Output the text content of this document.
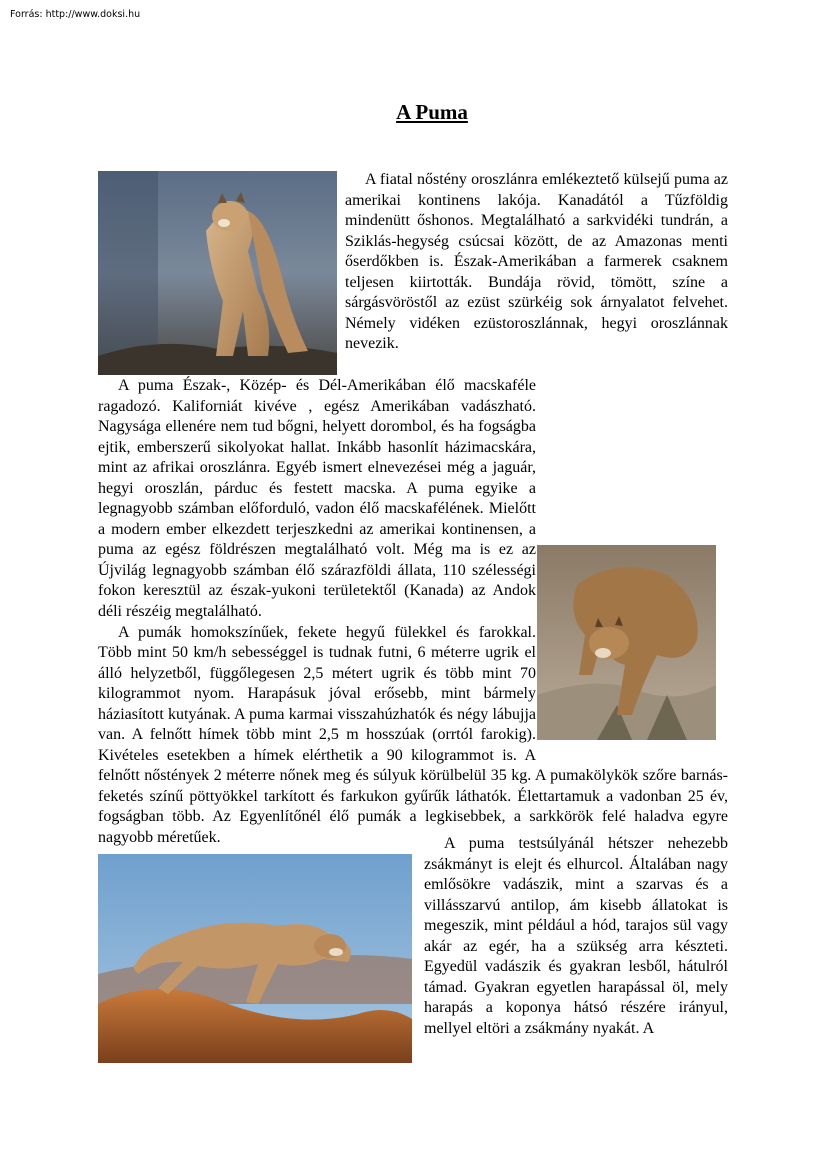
Forrás: http://www.doksi.hu
A Puma

A fiatal nőstény oroszlánra emlékeztető külsejű puma az amerikai kontinens lakója. Kanadától a Tűzföldig mindenütt őshonos. Megtalálható a sarkvidéki tundrán, a Sziklás-hegység csúcsai között, de az Amazonas menti őserdőkben is. Észak-Amerikában a farmerek csaknem teljesen kiirtották. Bundája rövid, tömött, színe a sárgásvöröstől az ezüst szürkéig sok árnyalatot felvehet. Némely vidéken ezüstoroszlánnak, hegyi oroszlánnak nevezik.

A puma Észak-, Közép- és Dél-Amerikában élő macskaféle ragadozó. Kaliforniát kivéve , egész Amerikában vadászható. Nagysága ellenére nem tud bőgni, helyett dorombol, és ha fogságba ejtik, emberszerű sikolyokat hallat. Inkább hasonlít házimacskára, mint az afrikai oroszlánra. Egyéb ismert elnevezései még a jaguár, hegyi oroszlán, párduc és festett macska. A puma egyike a legnagyobb számban előforduló, vadon élő macskafélének. Mielőtt a modern ember elkezdett terjeszkedni az amerikai kontinensen, a puma az egész földrészen megtalálható volt. Még ma is ez az Újvilág legnagyobb számban élő szárazföldi állata, 110 szélességi fokon keresztül az észak-yukoni területektől (Kanada) az Andok déli részéig megtalálható.

A pumák homokszínűek, fekete hegyű fülekkel és farokkal. Több mint 50 km/h sebességgel is tudnak futni, 6 méterre ugrik el álló helyzetből, függőlegesen 2,5 métert ugrik és több mint 70 kilogrammot nyom. Harapásuk jóval erősebb, mint bármely háziasított kutyának. A puma karmai visszahúzhatók és négy lábujja van. A felnőtt hímek több mint 2,5 m hosszúak (orrtól farokig). Kivételes esetekben a hímek elérthetik a 90 kilogrammot is. A felnőtt nőstények 2 méterre nőnek meg és súlyuk körülbelül 35 kg. A pumakölykök szőre barnás-feketés színű pöttyökkel tarkított és farkukon gyűrűk láthatók. Élettartamuk a vadonban 25 év, fogságban több. Az Egyenlítőnél élő pumák a legkisebbek, a sarkkörök felé haladva egyre nagyobb méretűek.	A puma testsúlyánál hétszer nehezebb zsákmányt is elejt és elhurcol. Általában nagy emlősökre vadászik, mint a szarvas és a villásszarvú antilop, ám kisebb állatokat is megeszik, mint például a hód, tarajos sül vagy akár az egér, ha a szükség arra készteti. Egyedül vadászik és gyakran lesből, hátulról támad. Gyakran egyetlen harapással öl, mely harapás a koponya hátsó részére irányul, mellyel eltöri a zsákmány nyakát. A
